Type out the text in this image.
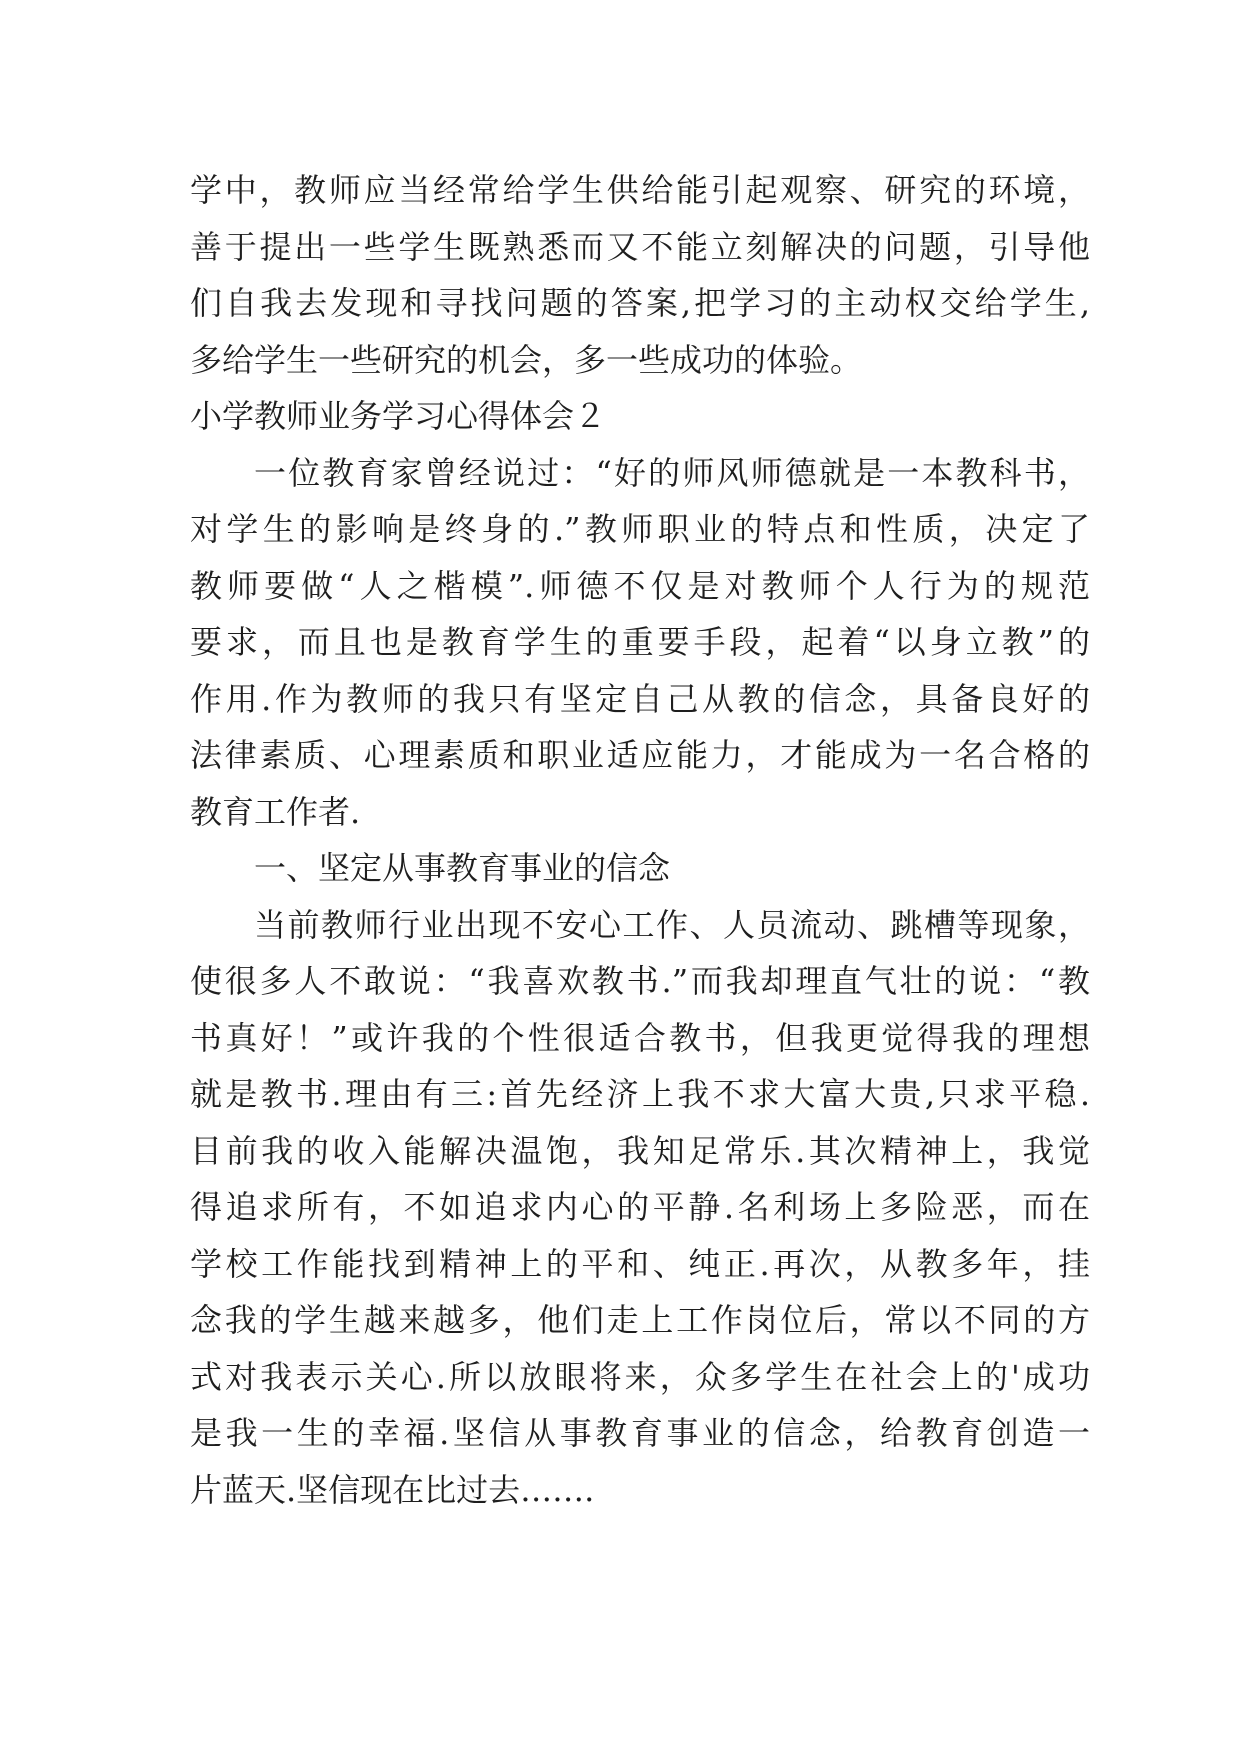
学中，教师应当经常给学生供给能引起观察、研究的环境，
善于提出一些学生既熟悉而又不能立刻解决的问题，引导他
们自我去发现和寻找问题的答案,把学习的主动权交给学生,
多给学生一些研究的机会，多一些成功的体验。
小学教师业务学习心得体会２
一位教育家曾经说过：“好的师风师德就是一本教科书，
对学生的影响是终身的.”教师职业的特点和性质，决定了
教师要做“人之楷模”.师德不仅是对教师个人行为的规范
要求，而且也是教育学生的重要手段，起着“以身立教”的
作用.作为教师的我只有坚定自己从教的信念，具备良好的
法律素质、心理素质和职业适应能力，才能成为一名合格的
教育工作者.
一、坚定从事教育事业的信念
当前教师行业出现不安心工作、人员流动、跳槽等现象，
使很多人不敢说：“我喜欢教书.”而我却理直气壮的说：“教
书真好！”或许我的个性很适合教书，但我更觉得我的理想
就是教书.理由有三:首先经济上我不求大富大贵,只求平稳.
目前我的收入能解决温饱，我知足常乐.其次精神上，我觉
得追求所有，不如追求内心的平静.名利场上多险恶，而在
学校工作能找到精神上的平和、纯正.再次，从教多年，挂
念我的学生越来越多，他们走上工作岗位后，常以不同的方
式对我表示关心.所以放眼将来，众多学生在社会上的'成功
是我一生的幸福.坚信从事教育事业的信念，给教育创造一
片蓝天.坚信现在比过去…….
